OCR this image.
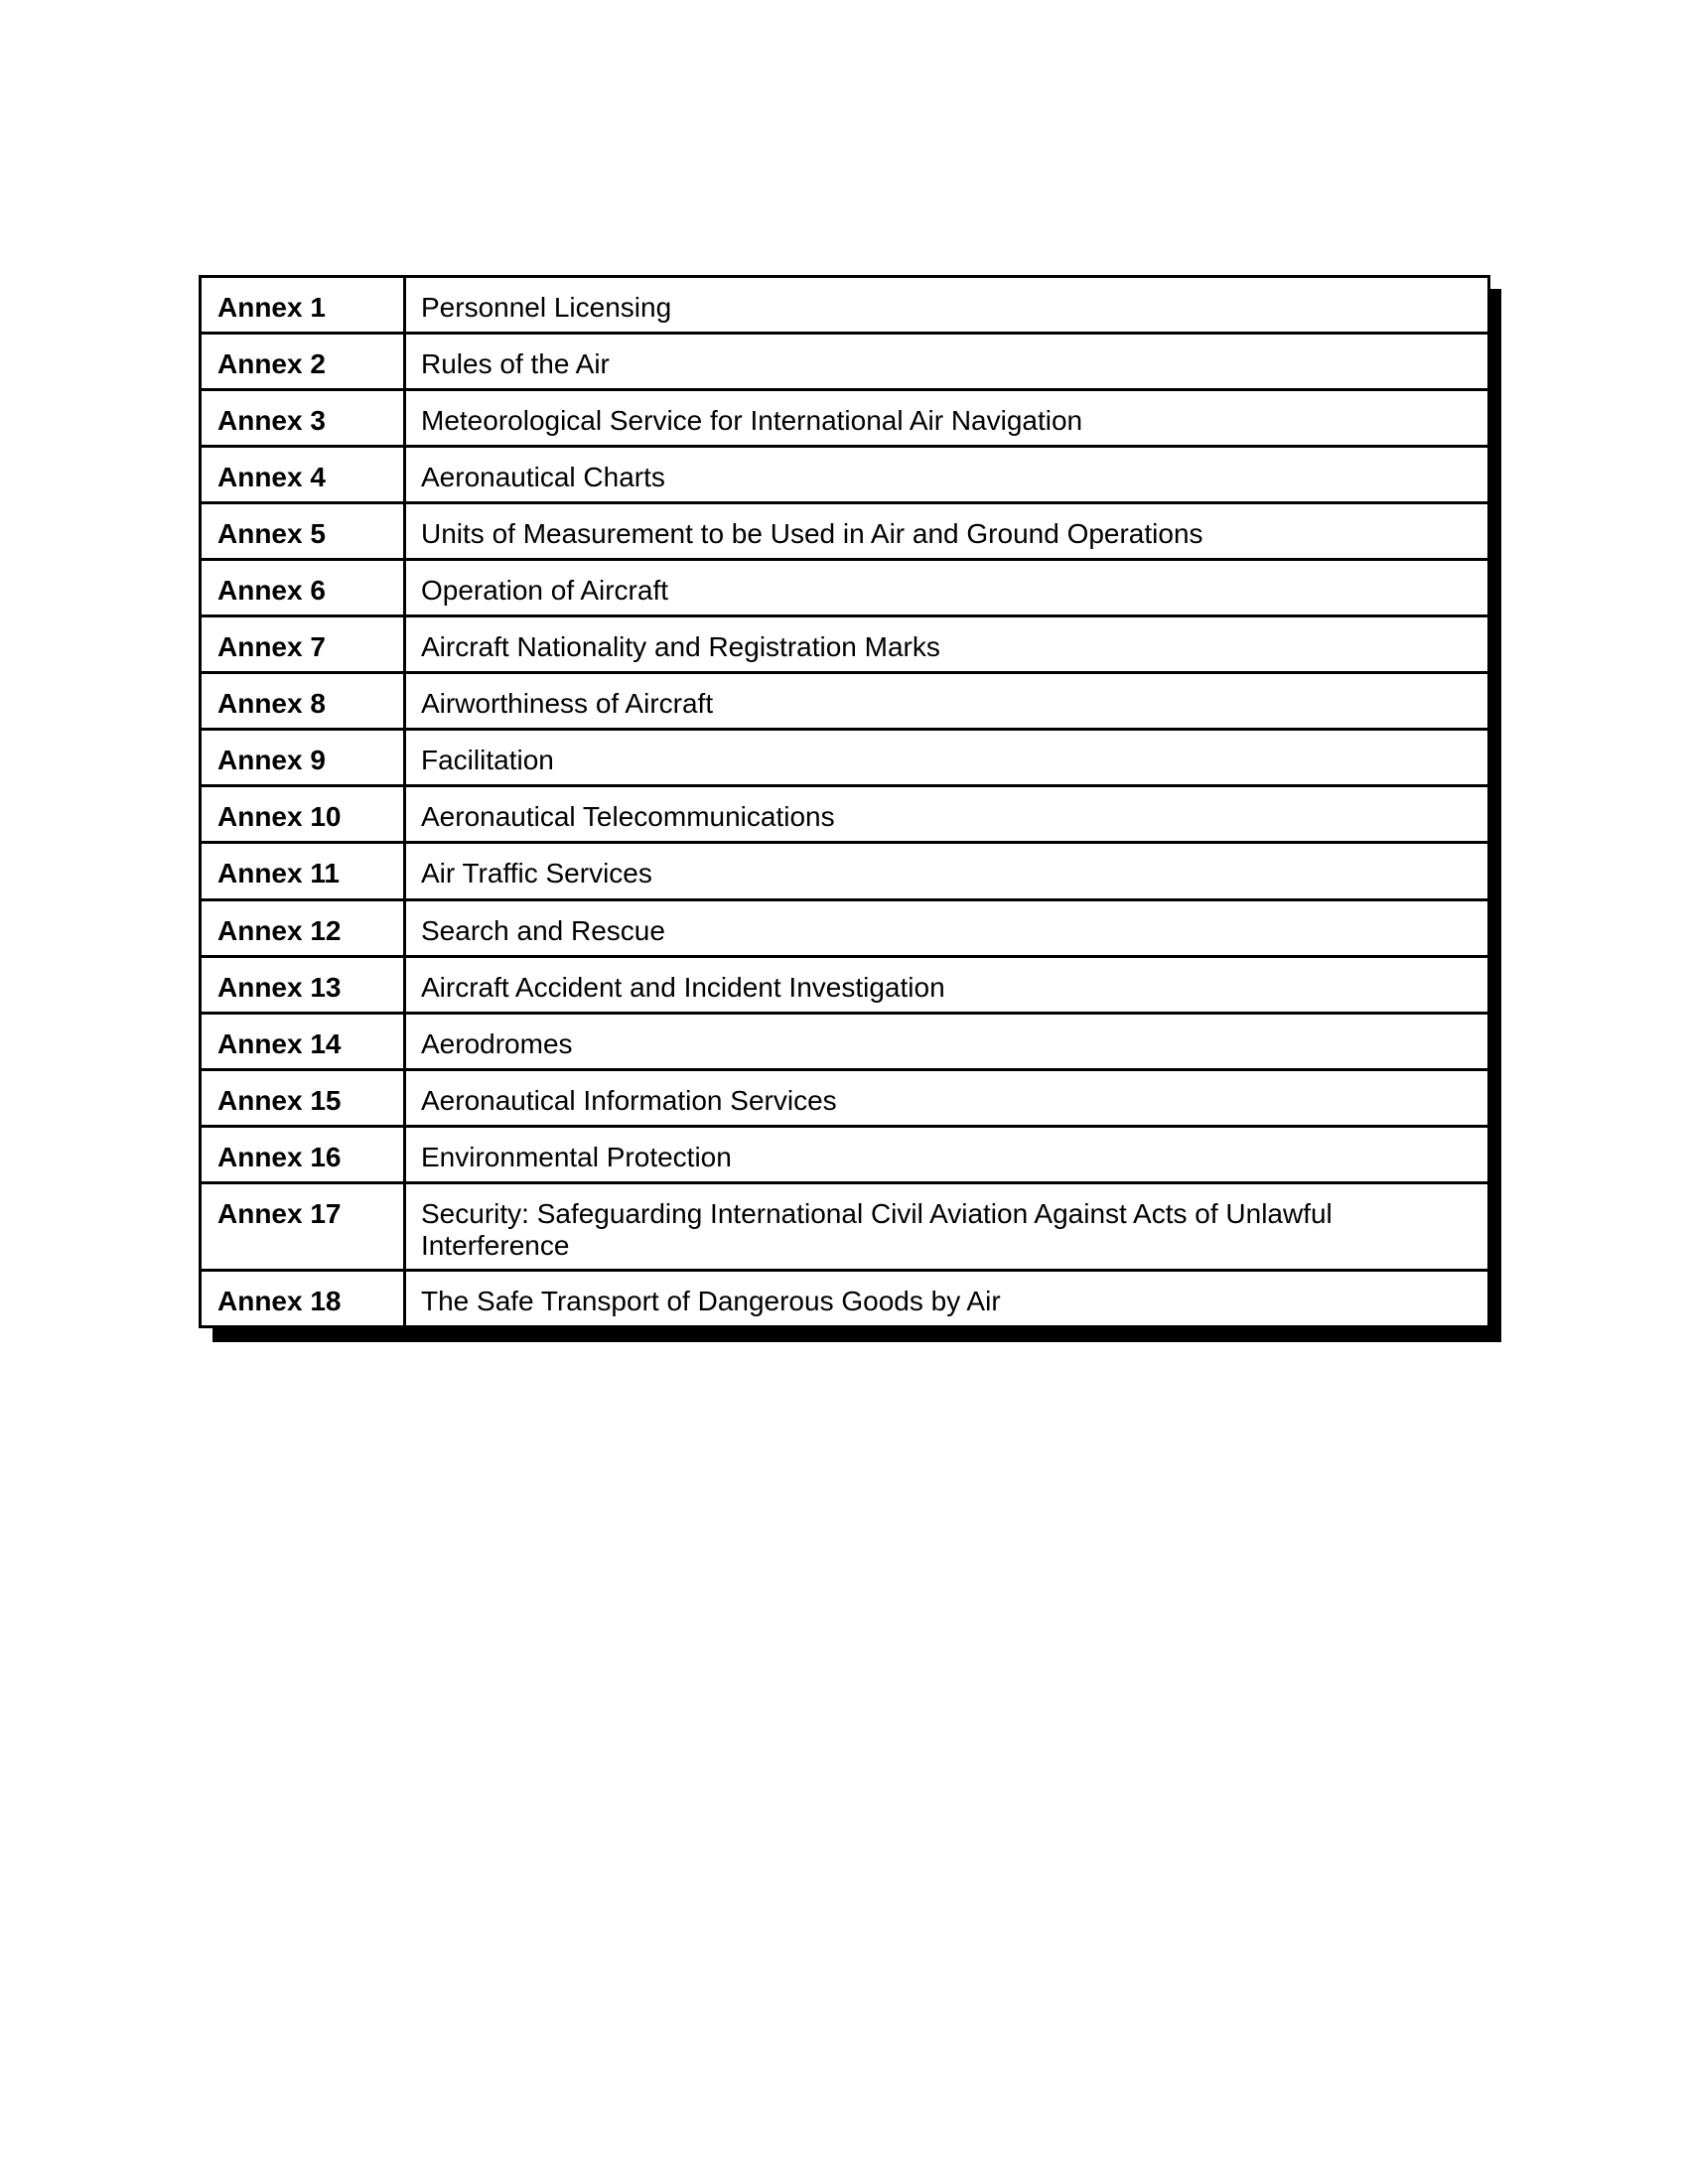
Annex 1	Personnel Licensing
Annex 2	Rules of the Air
Annex 3	Meteorological Service for International Air Navigation
Annex 4	Aeronautical Charts
Annex 5	Units of Measurement to be Used in Air and Ground Operations
Annex 6	Operation of Aircraft
Annex 7	Aircraft Nationality and Registration Marks
Annex 8	Airworthiness of Aircraft
Annex 9	Facilitation
Annex 10	Aeronautical Telecommunications
Annex 11	Air Traffic Services
Annex 12	Search and Rescue
Annex 13	Aircraft Accident and Incident Investigation
Annex 14	Aerodromes
Annex 15	Aeronautical Information Services
Annex 16	Environmental Protection
Annex 17	Security: Safeguarding International Civil Aviation Against Acts of Unlawful Interference
Annex 18	The Safe Transport of Dangerous Goods by Air
